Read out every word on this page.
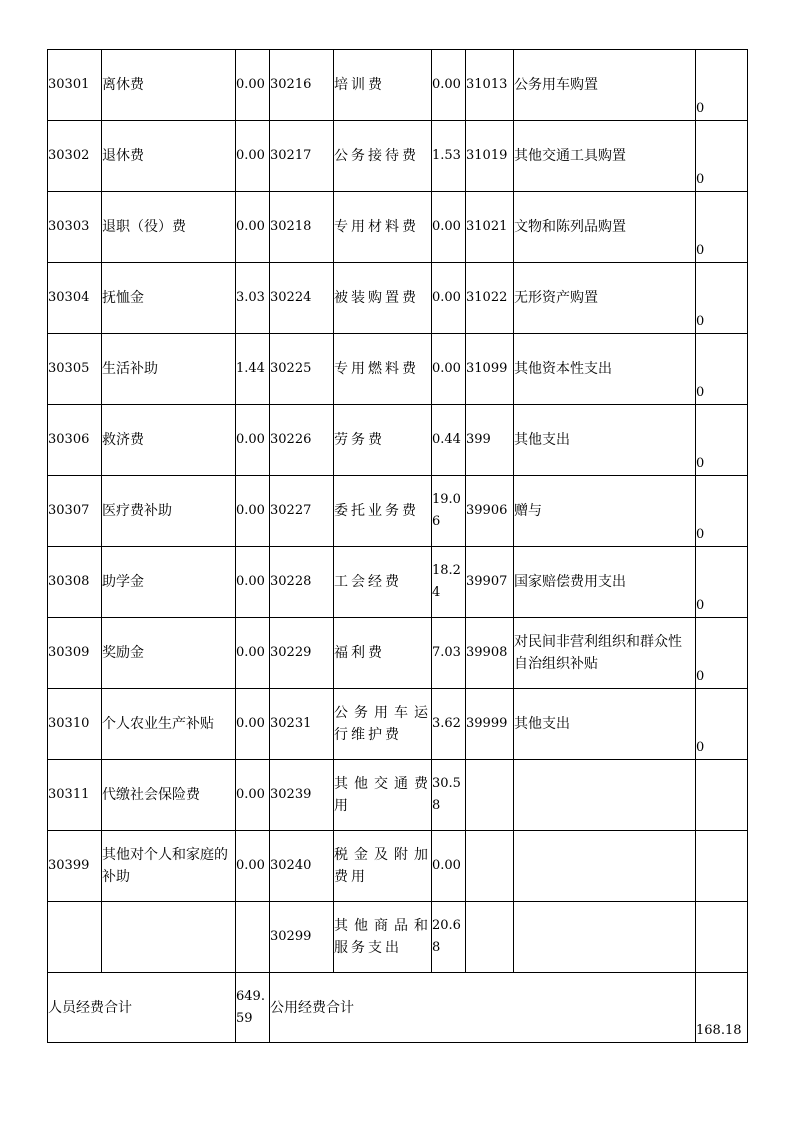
30301	离休费	0.00	30216	培训费	0.00	31013	公务用车购置	0
30302	退休费	0.00	30217	公务接待费	1.53	31019	其他交通工具购置	0
30303	退职（役）费	0.00	30218	专用材料费	0.00	31021	文物和陈列品购置	0
30304	抚恤金	3.03	30224	被装购置费	0.00	31022	无形资产购置	0
30305	生活补助	1.44	30225	专用燃料费	0.00	31099	其他资本性支出	0
30306	救济费	0.00	30226	劳务费	0.44	399	其他支出	0
30307	医疗费补助	0.00	30227	委托业务费	19.06	39906	赠与	0
30308	助学金	0.00	30228	工会经费	18.24	39907	国家赔偿费用支出	0
30309	奖励金	0.00	30229	福利费	7.03	39908	对民间非营利组织和群众性自治组织补贴	0
30310	个人农业生产补贴	0.00	30231	公务用车运行维护费	3.62	39999	其他支出	0
30311	代缴社会保险费	0.00	30239	其他交通费用	30.58			
30399	其他对个人和家庭的补助	0.00	30240	税金及附加费用	0.00			
			30299	其他商品和服务支出	20.68			
人员经费合计		649.59	公用经费合计					168.18
